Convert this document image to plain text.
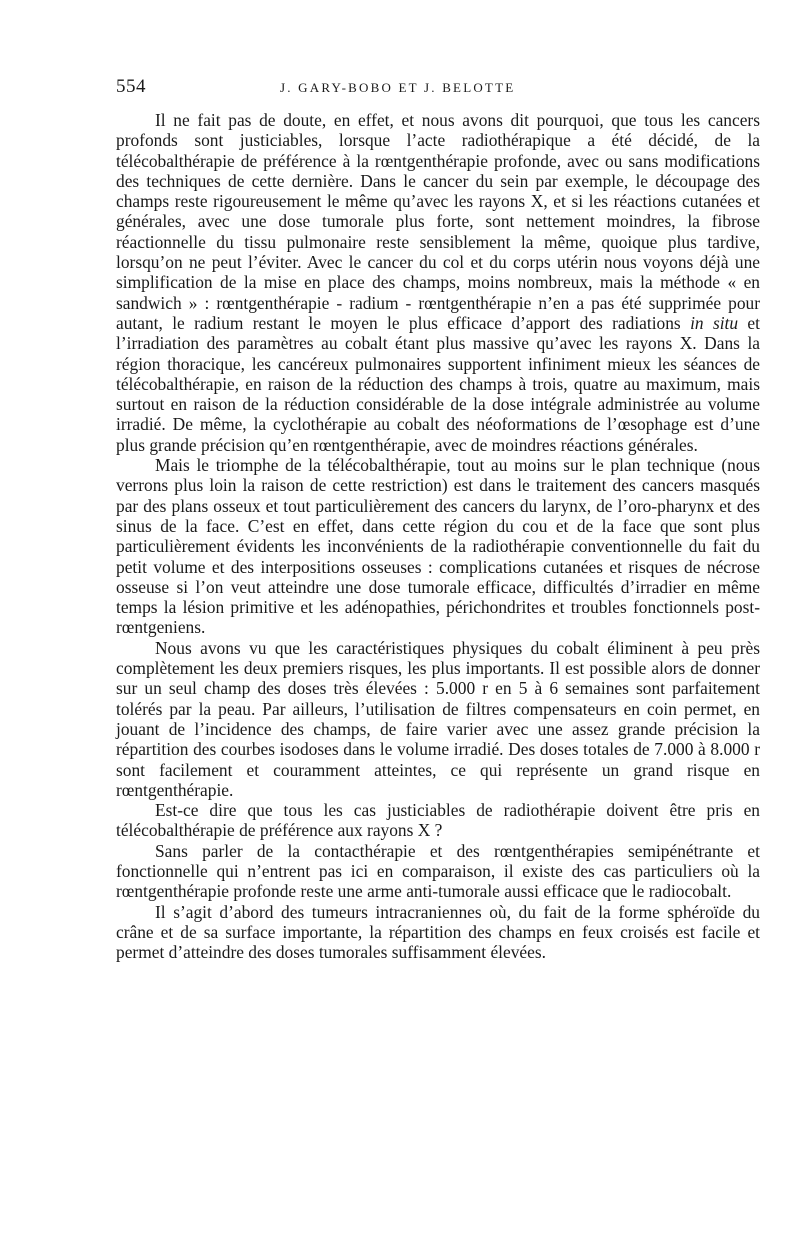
554	J. GARY-BOBO ET J. BELOTTE

Il ne fait pas de doute, en effet, et nous avons dit pourquoi, que tous les cancers profonds sont justiciables, lorsque l’acte radiothérapique a été décidé, de la télécobalthérapie de préférence à la rœntgenthérapie profonde, avec ou sans modifications des techniques de cette dernière. Dans le cancer du sein par exemple, le découpage des champs reste rigoureusement le même qu’avec les rayons X, et si les réactions cutanées et générales, avec une dose tumorale plus forte, sont nettement moindres, la fibrose réactionnelle du tissu pulmonaire reste sensiblement la même, quoique plus tardive, lorsqu’on ne peut l’éviter. Avec le cancer du col et du corps utérin nous voyons déjà une simplification de la mise en place des champs, moins nombreux, mais la méthode « en sandwich » : rœntgenthérapie - radium - rœntgenthérapie n’en a pas été supprimée pour autant, le radium restant le moyen le plus efficace d’apport des radiations in situ et l’irradiation des paramètres au cobalt étant plus massive qu’avec les rayons X. Dans la région thoracique, les cancéreux pulmonaires supportent infiniment mieux les séances de télécobalthérapie, en raison de la réduction des champs à trois, quatre au maximum, mais surtout en raison de la réduction considérable de la dose intégrale administrée au volume irradié. De même, la cyclothérapie au cobalt des néoformations de l’œsophage est d’une plus grande précision qu’en rœntgenthérapie, avec de moindres réactions générales.

Mais le triomphe de la télécobalthérapie, tout au moins sur le plan technique (nous verrons plus loin la raison de cette restriction) est dans le traitement des cancers masqués par des plans osseux et tout particulièrement des cancers du larynx, de l’oro-pharynx et des sinus de la face. C’est en effet, dans cette région du cou et de la face que sont plus particulièrement évidents les inconvénients de la radiothérapie conventionnelle du fait du petit volume et des interpositions osseuses : complications cutanées et risques de nécrose osseuse si l’on veut atteindre une dose tumorale efficace, difficultés d’irradier en même temps la lésion primitive et les adénopathies, périchondrites et troubles fonctionnels post-rœntgeniens.

Nous avons vu que les caractéristiques physiques du cobalt éliminent à peu près complètement les deux premiers risques, les plus importants. Il est possible alors de donner sur un seul champ des doses très élevées : 5.000 r en 5 à 6 semaines sont parfaitement tolérés par la peau. Par ailleurs, l’utilisation de filtres compensateurs en coin permet, en jouant de l’incidence des champs, de faire varier avec une assez grande précision la répartition des courbes isodoses dans le volume irradié. Des doses totales de 7.000 à 8.000 r sont facilement et couramment atteintes, ce qui représente un grand risque en rœntgenthérapie.

Est-ce dire que tous les cas justiciables de radiothérapie doivent être pris en télécobalthérapie de préférence aux rayons X ?

Sans parler de la contacthérapie et des rœntgenthérapies semipénétrante et fonctionnelle qui n’entrent pas ici en comparaison, il existe des cas particuliers où la rœntgenthérapie profonde reste une arme anti-tumorale aussi efficace que le radiocobalt.

Il s’agit d’abord des tumeurs intracraniennes où, du fait de la forme sphéroïde du crâne et de sa surface importante, la répartition des champs en feux croisés est facile et permet d’atteindre des doses tumorales suffisamment élevées.
